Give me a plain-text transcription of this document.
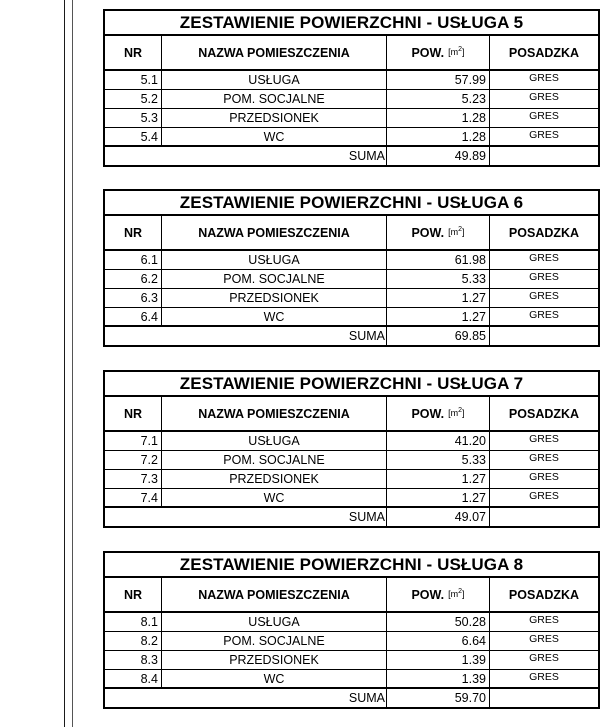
ZESTAWIENIE POWIERZCHNI - USŁUGA 5
NR	NAZWA POMIESZCZENIA	POW. $[m^2]$	POSADZKA
5.1	USŁUGA	57.99	GRES
5.2	POM. SOCJALNE	5.23	GRES
5.3	PRZEDSIONEK	1.28	GRES
5.4	WC	1.28	GRES
SUMA	49.89
ZESTAWIENIE POWIERZCHNI - USŁUGA 6
NR	NAZWA POMIESZCZENIA	POW. $[m^2]$	POSADZKA
6.1	USŁUGA	61.98	GRES
6.2	POM. SOCJALNE	5.33	GRES
6.3	PRZEDSIONEK	1.27	GRES
6.4	WC	1.27	GRES
SUMA	69.85
ZESTAWIENIE POWIERZCHNI - USŁUGA 7
NR	NAZWA POMIESZCZENIA	POW. $[m^2]$	POSADZKA
7.1	USŁUGA	41.20	GRES
7.2	POM. SOCJALNE	5.33	GRES
7.3	PRZEDSIONEK	1.27	GRES
7.4	WC	1.27	GRES
SUMA	49.07
ZESTAWIENIE POWIERZCHNI - USŁUGA 8
NR	NAZWA POMIESZCZENIA	POW. $[m^2]$	POSADZKA
8.1	USŁUGA	50.28	GRES
8.2	POM. SOCJALNE	6.64	GRES
8.3	PRZEDSIONEK	1.39	GRES
8.4	WC	1.39	GRES
SUMA	59.70
